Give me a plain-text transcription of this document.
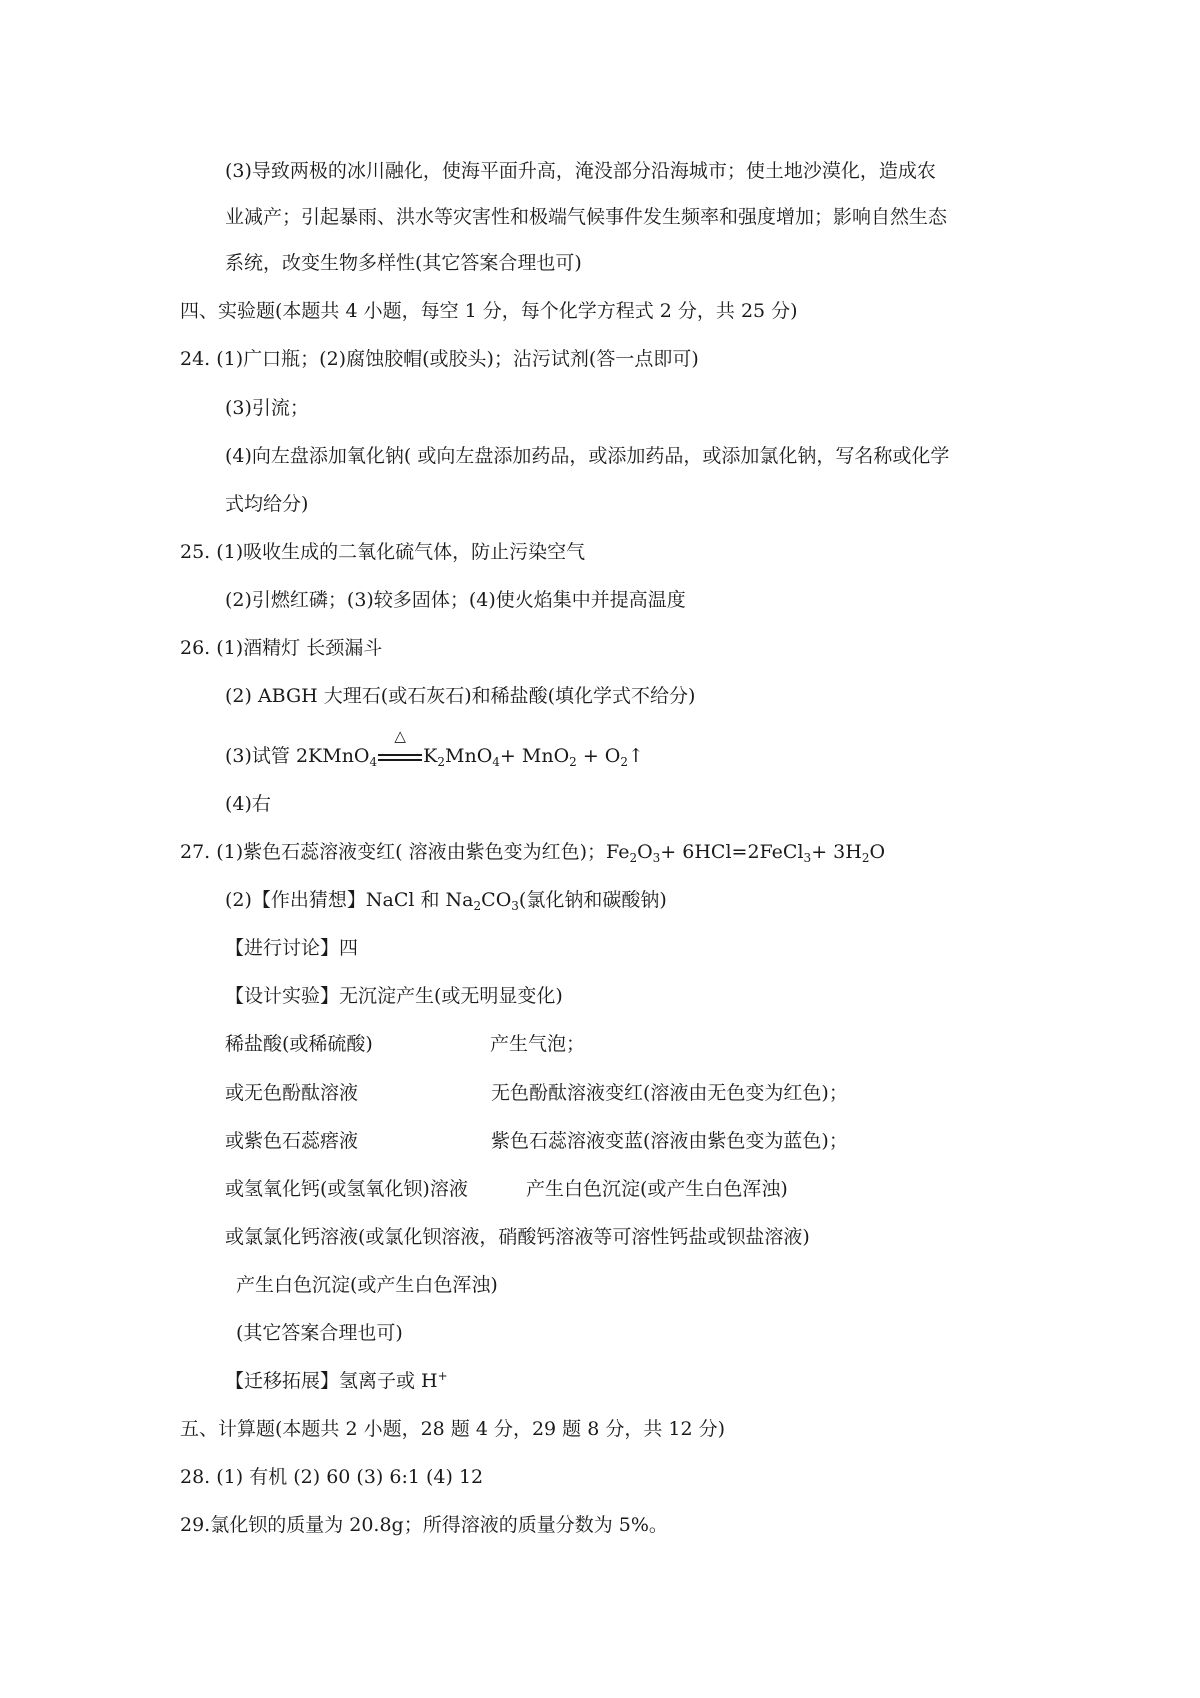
(3)导致两极的冰川融化，使海平面升高，淹没部分沿海城市；使土地沙漠化，造成农
业减产；引起暴雨、洪水等灾害性和极端气候事件发生频率和强度增加；影响自然生态
系统，改变生物多样性(其它答案合理也可)
四、实验题(本题共 4 小题，每空 1 分，每个化学方程式 2 分，共 25 分)
24. (1)广口瓶；(2)腐蚀胶帽(或胶头)；沾污试剂(答一点即可)
(3)引流；
(4)向左盘添加氧化钠( 或向左盘添加药品，或添加药品，或添加氯化钠，写名称或化学
式均给分)
25. (1)吸收生成的二氧化硫气体，防止污染空气
(2)引燃红磷；(3)较多固体；(4)使火焰集中并提高温度
26. (1)酒精灯 长颈漏斗
(2) ABGH 大理石(或石灰石)和稀盐酸(填化学式不给分)
(3)试管 2KMnO$_4$
△
$K_2MnO_4+ MnO_2$ + $O_2↑$
(4)右
27. (1)紫色石蕊溶液变红( 溶液由紫色变为红色)；$Fe_2O_3+$ 6HCl=2FeCl$_3$+ $3H_2O$
(2)【作出猜想】NaCl 和 $Na_2CO_3$(氯化钠和碳酸钠)
【进行讨论】四
【设计实验】无沉淀产生(或无明显变化)
稀盐酸(或稀硫酸)	产生气泡；
或无色酚酞溶液	无色酚酞溶液变红(溶液由无色变为红色)；
或紫色石蕊瘩液	紫色石蕊溶液变蓝(溶液由紫色变为蓝色)；
或氢氧化钙(或氢氧化钡)溶液	产生白色沉淀(或产生白色浑浊)
或氯氯化钙溶液(或氯化钡溶液，硝酸钙溶液等可溶性钙盐或钡盐溶液)
产生白色沉淀(或产生白色浑浊)
(其它答案合理也可)
【迁移拓展】氢离子或 H+
五、计算题(本题共 2 小题，28 题 4 分，29 题 8 分，共 12 分)
28. (1) 有机 (2) 60 (3) 6:1 (4) 12
29.氯化钡的质量为 20.8g；所得溶液的质量分数为 5%。
